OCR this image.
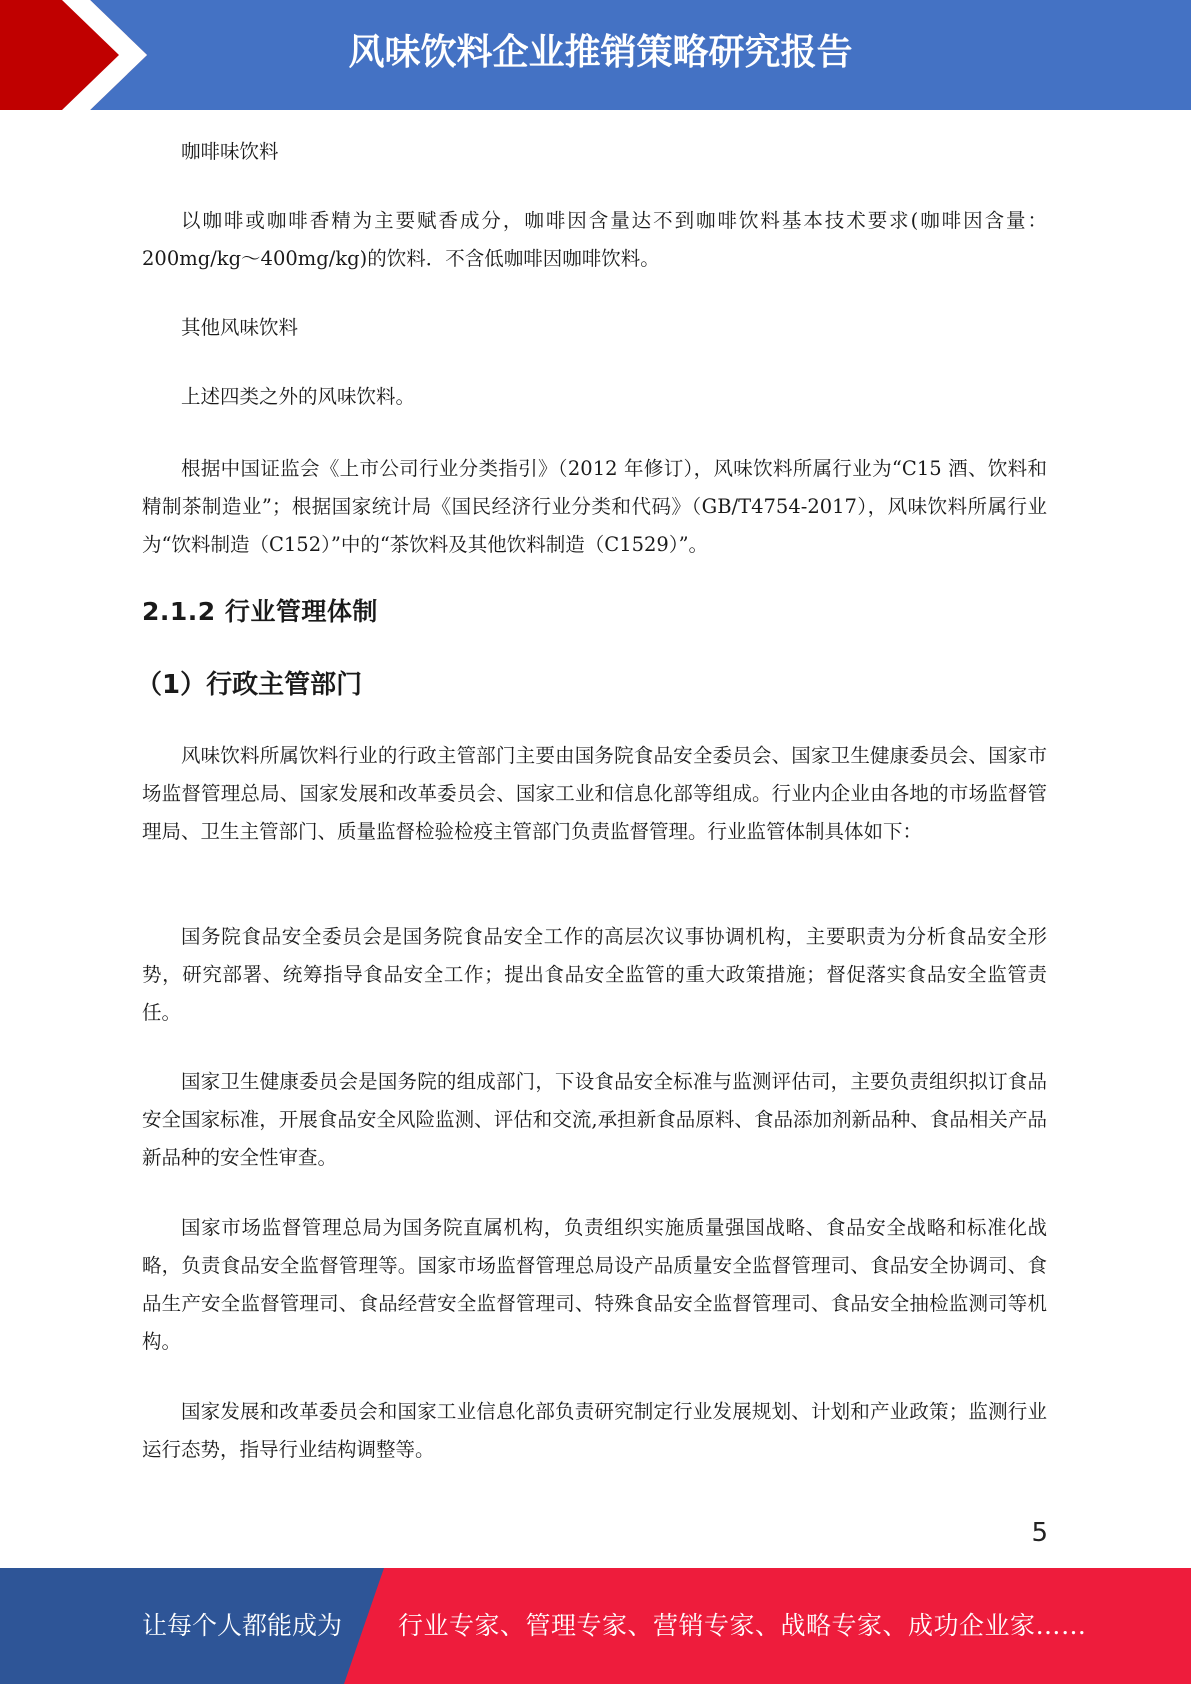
风味饮料企业推销策略研究报告

咖啡味饮料

以咖啡或咖啡香精为主要赋香成分，咖啡因含量达不到咖啡饮料基本技术要求(咖啡因含量：200mg/kg～400mg/kg)的饮料．不含低咖啡因咖啡饮料。

其他风味饮料

上述四类之外的风味饮料。

根据中国证监会《上市公司行业分类指引》（2012 年修订），风味饮料所属行业为“C15 酒、饮料和精制茶制造业”；根据国家统计局《国民经济行业分类和代码》（GB/T4754-2017），风味饮料所属行业为“饮料制造（C152）”中的“茶饮料及其他饮料制造（C1529）”。

2.1.2 行业管理体制
（1）行政主管部门

风味饮料所属饮料行业的行政主管部门主要由国务院食品安全委员会、国家卫生健康委员会、国家市场监督管理总局、国家发展和改革委员会、国家工业和信息化部等组成。行业内企业由各地的市场监督管理局、卫生主管部门、质量监督检验检疫主管部门负责监督管理。行业监管体制具体如下：

国务院食品安全委员会是国务院食品安全工作的高层次议事协调机构，主要职责为分析食品安全形势，研究部署、统筹指导食品安全工作；提出食品安全监管的重大政策措施；督促落实食品安全监管责任。

国家卫生健康委员会是国务院的组成部门，下设食品安全标准与监测评估司，主要负责组织拟订食品安全国家标准，开展食品安全风险监测、评估和交流,承担新食品原料、食品添加剂新品种、食品相关产品新品种的安全性审查。

国家市场监督管理总局为国务院直属机构，负责组织实施质量强国战略、食品安全战略和标准化战略，负责食品安全监督管理等。国家市场监督管理总局设产品质量安全监督管理司、食品安全协调司、食品生产安全监督管理司、食品经营安全监督管理司、特殊食品安全监督管理司、食品安全抽检监测司等机构。

国家发展和改革委员会和国家工业信息化部负责研究制定行业发展规划、计划和产业政策；监测行业运行态势，指导行业结构调整等。

5
让每个人都能成为 行业专家、管理专家、营销专家、战略专家、成功企业家……
